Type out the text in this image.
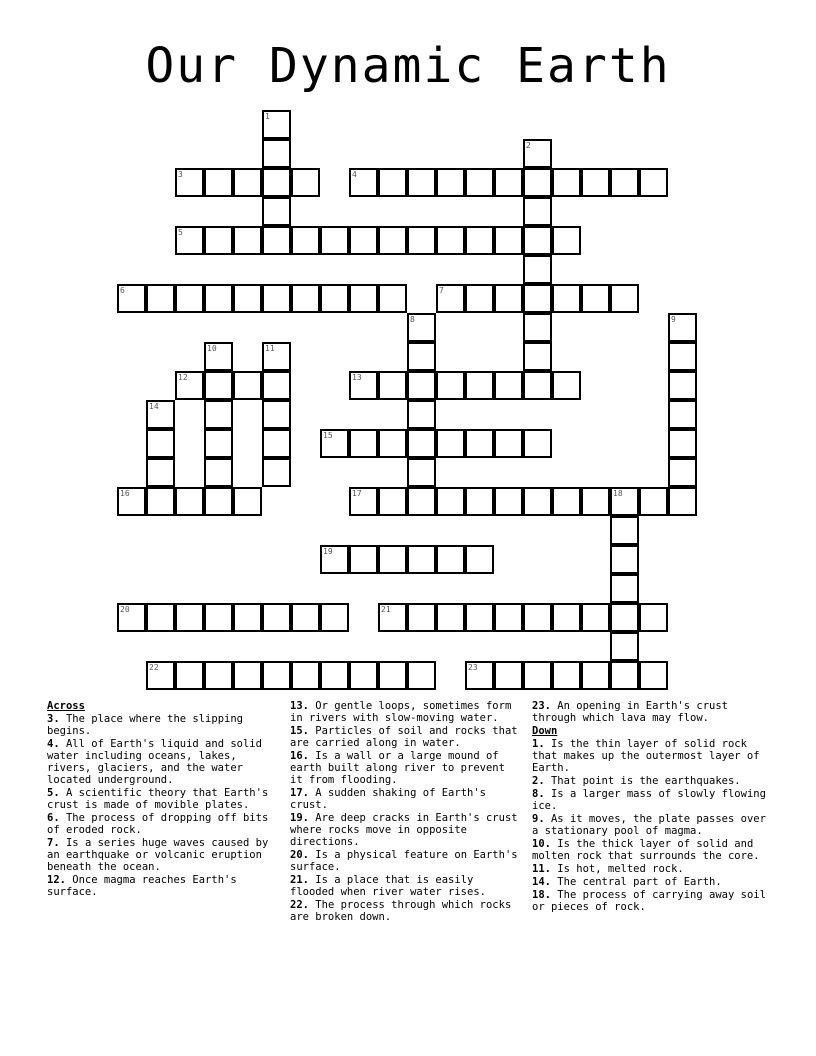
Our Dynamic Earth
1
2
3	4
5
6	7
8	9
10	11
12	13
14
15
16	17	18
19
20	21
22	23
Across
3. The place where the slipping begins.
4. All of Earth's liquid and solid water including oceans, lakes, rivers, glaciers, and the water located underground.
5. A scientific theory that Earth's crust is made of movible plates.
6. The process of dropping off bits of eroded rock.
7. Is a series huge waves caused by an earthquake or volcanic eruption beneath the ocean.
12. Once magma reaches Earth's surface.
13. Or gentle loops, sometimes form in rivers with slow-moving water.
15. Particles of soil and rocks that are carried along in water.
16. Is a wall or a large mound of earth built along river to prevent it from flooding.
17. A sudden shaking of Earth's crust.
19. Are deep cracks in Earth's crust where rocks move in opposite directions.
20. Is a physical feature on Earth's surface.
21. Is a place that is easily flooded when river water rises.
22. The process through which rocks are broken down.
23. An opening in Earth's crust through which lava may flow.
Down
1. Is the thin layer of solid rock that makes up the outermost layer of Earth.
2. That point is the earthquakes.
8. Is a larger mass of slowly flowing ice.
9. As it moves, the plate passes over a stationary pool of magma.
10. Is the thick layer of solid and molten rock that surrounds the core.
11. Is hot, melted rock.
14. The central part of Earth.
18. The process of carrying away soil or pieces of rock.
